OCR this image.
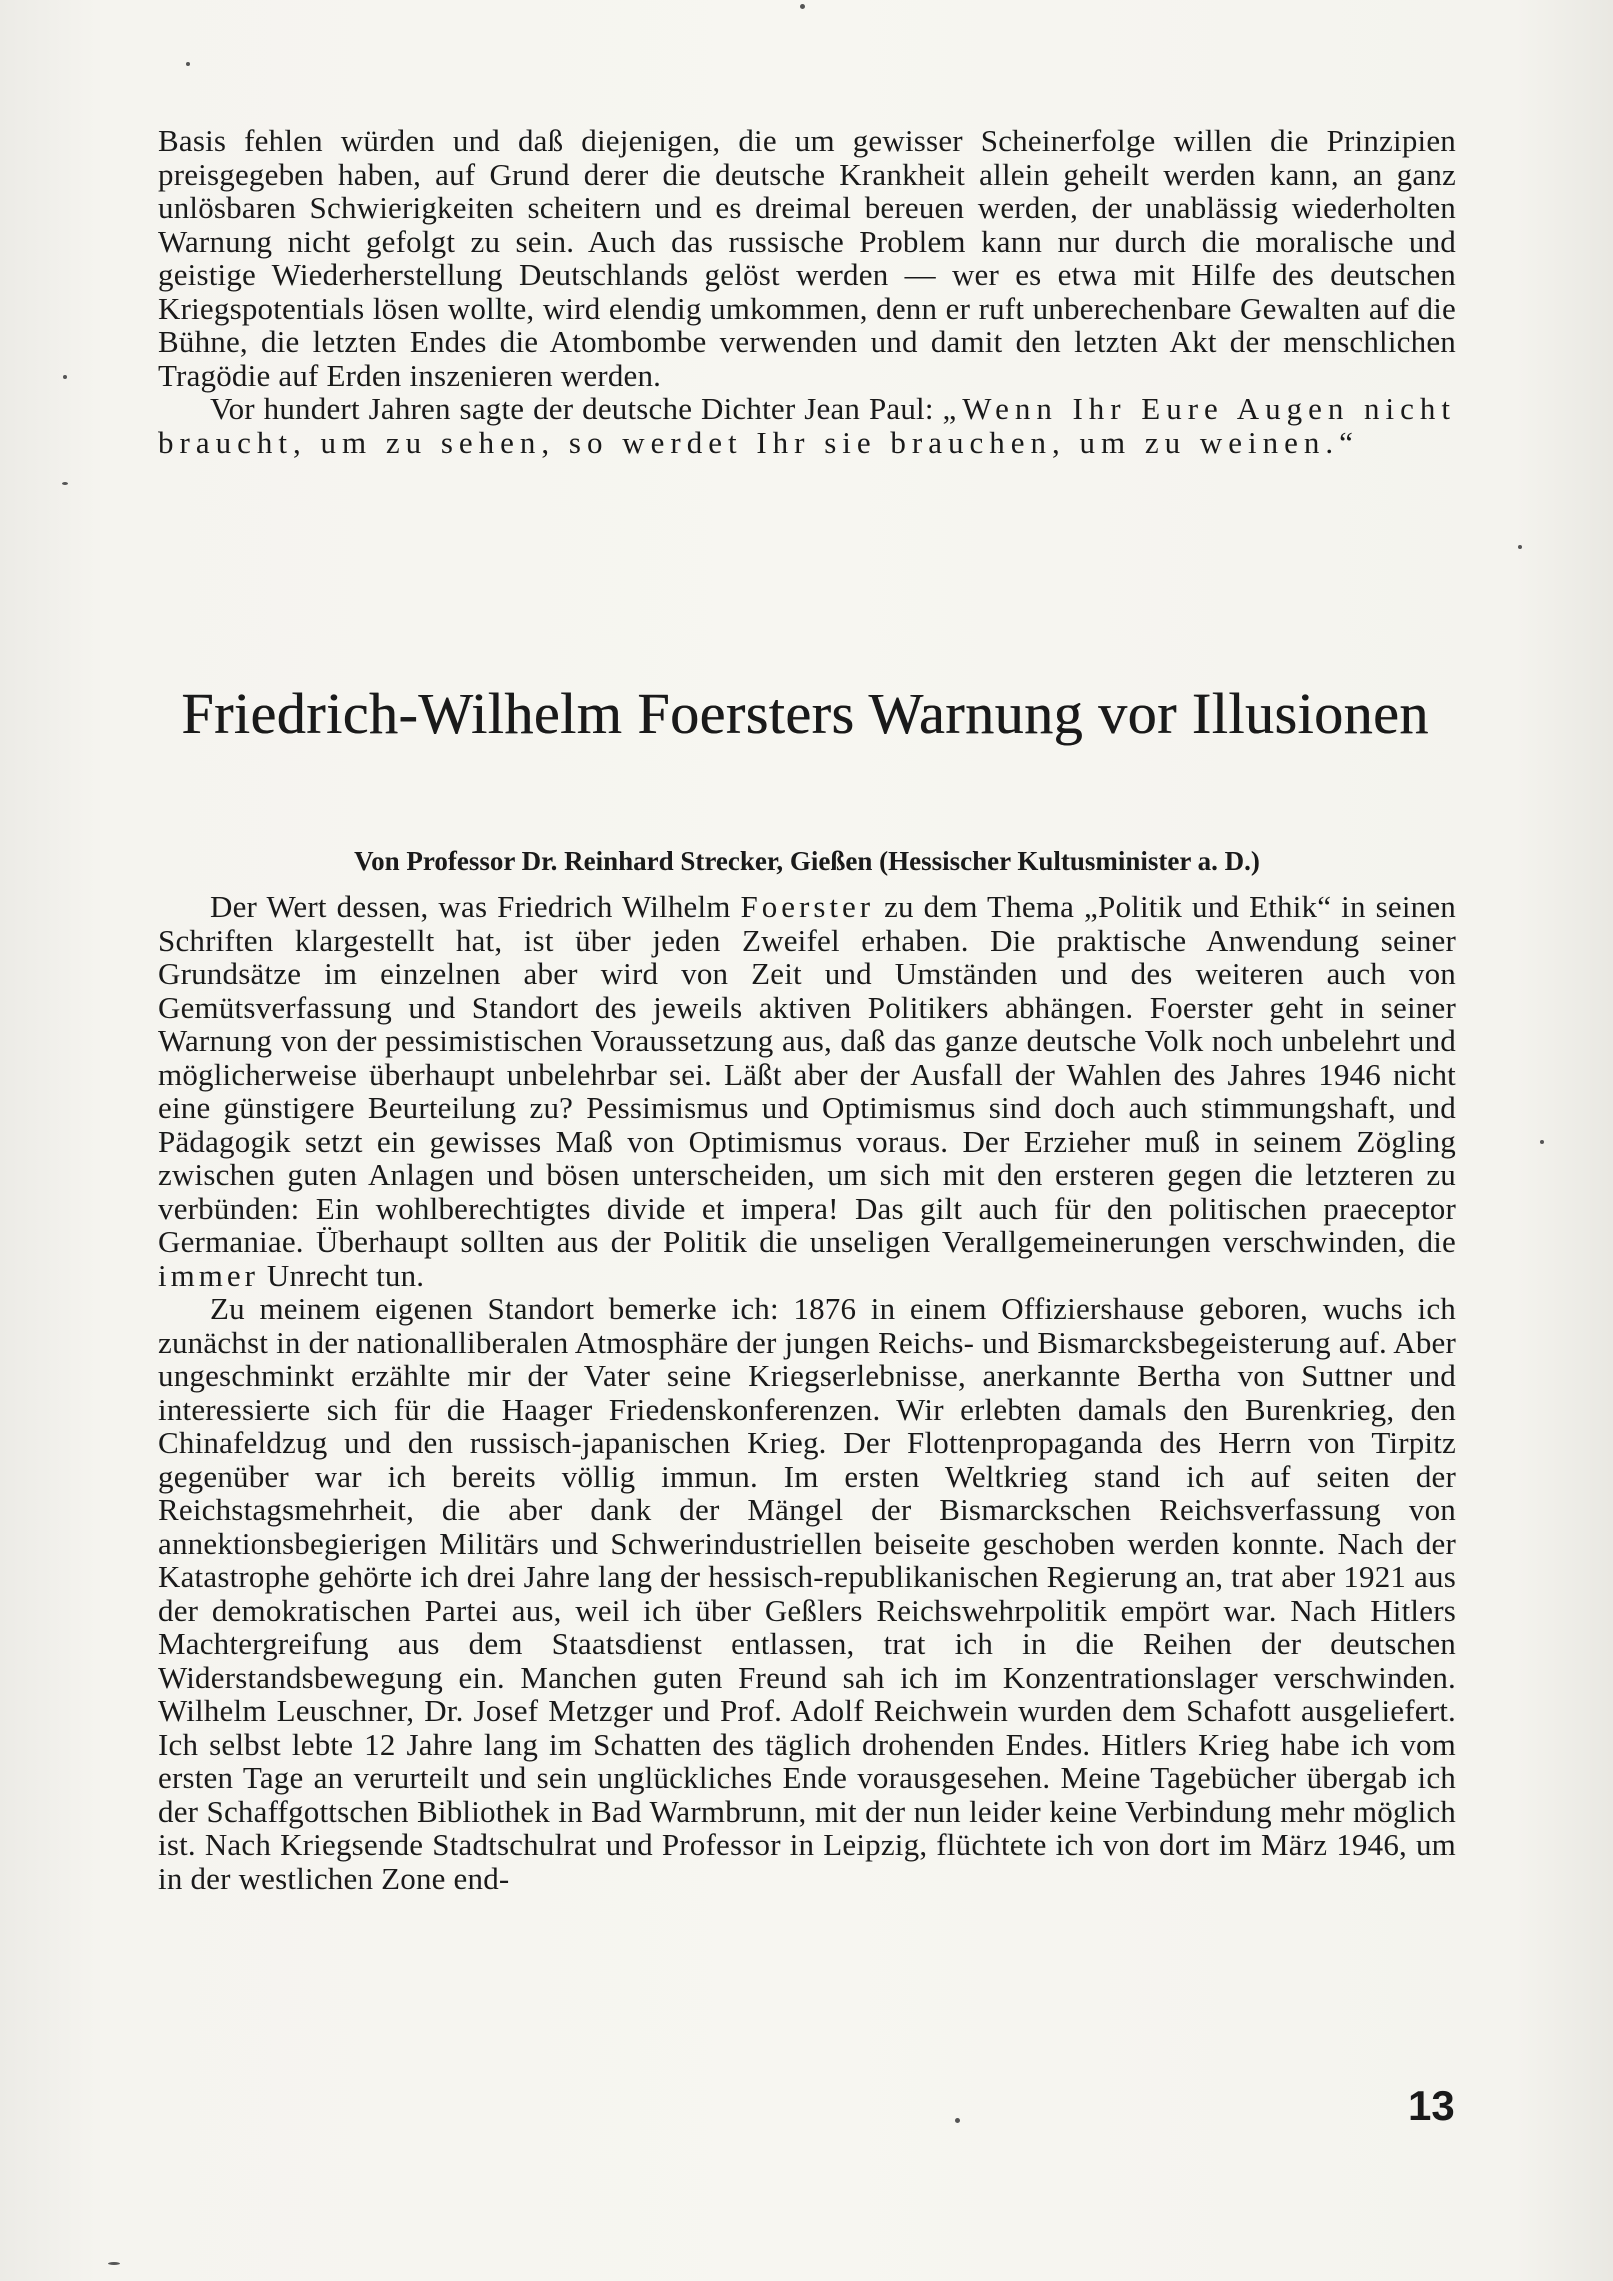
Basis fehlen würden und daß diejenigen, die um gewisser Scheinerfolge willen die Prinzipien preisgegeben haben, auf Grund derer die deutsche Krankheit allein geheilt werden kann, an ganz unlösbaren Schwierigkeiten scheitern und es dreimal bereuen werden, der unablässig wiederholten Warnung nicht gefolgt zu sein. Auch das russische Problem kann nur durch die moralische und geistige Wiederherstellung Deutschlands gelöst werden — wer es etwa mit Hilfe des deutschen Kriegspotentials lösen wollte, wird elendig umkommen, denn er ruft unberechenbare Gewalten auf die Bühne, die letzten Endes die Atombombe verwenden und damit den letzten Akt der menschlichen Tragödie auf Erden inszenieren werden.

Vor hundert Jahren sagte der deutsche Dichter Jean Paul: „Wenn Ihr Eure Augen nicht braucht, um zu sehen, so werdet Ihr sie brauchen, um zu weinen.“

Friedrich-Wilhelm Foersters Warnung vor Illusionen

Von Professor Dr. Reinhard Strecker, Gießen (Hessischer Kultusminister a. D.)

Der Wert dessen, was Friedrich Wilhelm Foerster zu dem Thema „Politik und Ethik“ in seinen Schriften klargestellt hat, ist über jeden Zweifel erhaben. Die praktische Anwendung seiner Grundsätze im einzelnen aber wird von Zeit und Umständen und des weiteren auch von Gemütsverfassung und Standort des jeweils aktiven Politikers abhängen. Foerster geht in seiner Warnung von der pessimistischen Voraussetzung aus, daß das ganze deutsche Volk noch unbelehrt und möglicherweise überhaupt unbelehrbar sei. Läßt aber der Ausfall der Wahlen des Jahres 1946 nicht eine günstigere Beurteilung zu? Pessimismus und Optimismus sind doch auch stimmungshaft, und Pädagogik setzt ein gewisses Maß von Optimismus voraus. Der Erzieher muß in seinem Zögling zwischen guten Anlagen und bösen unterscheiden, um sich mit den ersteren gegen die letzteren zu verbünden: Ein wohlberechtigtes divide et impera! Das gilt auch für den politischen praeceptor Germaniae. Überhaupt sollten aus der Politik die unseligen Verallgemeinerungen verschwinden, die immer Unrecht tun.

Zu meinem eigenen Standort bemerke ich: 1876 in einem Offiziershause geboren, wuchs ich zunächst in der nationalliberalen Atmosphäre der jungen Reichs- und Bismarcksbegeisterung auf. Aber ungeschminkt erzählte mir der Vater seine Kriegserlebnisse, anerkannte Bertha von Suttner und interessierte sich für die Haager Friedenskonferenzen. Wir erlebten damals den Burenkrieg, den Chinafeldzug und den russisch-japanischen Krieg. Der Flottenpropaganda des Herrn von Tirpitz gegenüber war ich bereits völlig immun. Im ersten Weltkrieg stand ich auf seiten der Reichstagsmehrheit, die aber dank der Mängel der Bismarckschen Reichsverfassung von annektionsbegierigen Militärs und Schwerindustriellen beiseite geschoben werden konnte. Nach der Katastrophe gehörte ich drei Jahre lang der hessisch-republikanischen Regierung an, trat aber 1921 aus der demokratischen Partei aus, weil ich über Geßlers Reichswehrpolitik empört war. Nach Hitlers Machtergreifung aus dem Staatsdienst entlassen, trat ich in die Reihen der deutschen Widerstandsbewegung ein. Manchen guten Freund sah ich im Konzentrationslager verschwinden. Wilhelm Leuschner, Dr. Josef Metzger und Prof. Adolf Reichwein wurden dem Schafott ausgeliefert. Ich selbst lebte 12 Jahre lang im Schatten des täglich drohenden Endes. Hitlers Krieg habe ich vom ersten Tage an verurteilt und sein unglückliches Ende vorausgesehen. Meine Tagebücher übergab ich der Schaffgottschen Bibliothek in Bad Warmbrunn, mit der nun leider keine Verbindung mehr möglich ist. Nach Kriegsende Stadtschulrat und Professor in Leipzig, flüchtete ich von dort im März 1946, um in der westlichen Zone end-

13
